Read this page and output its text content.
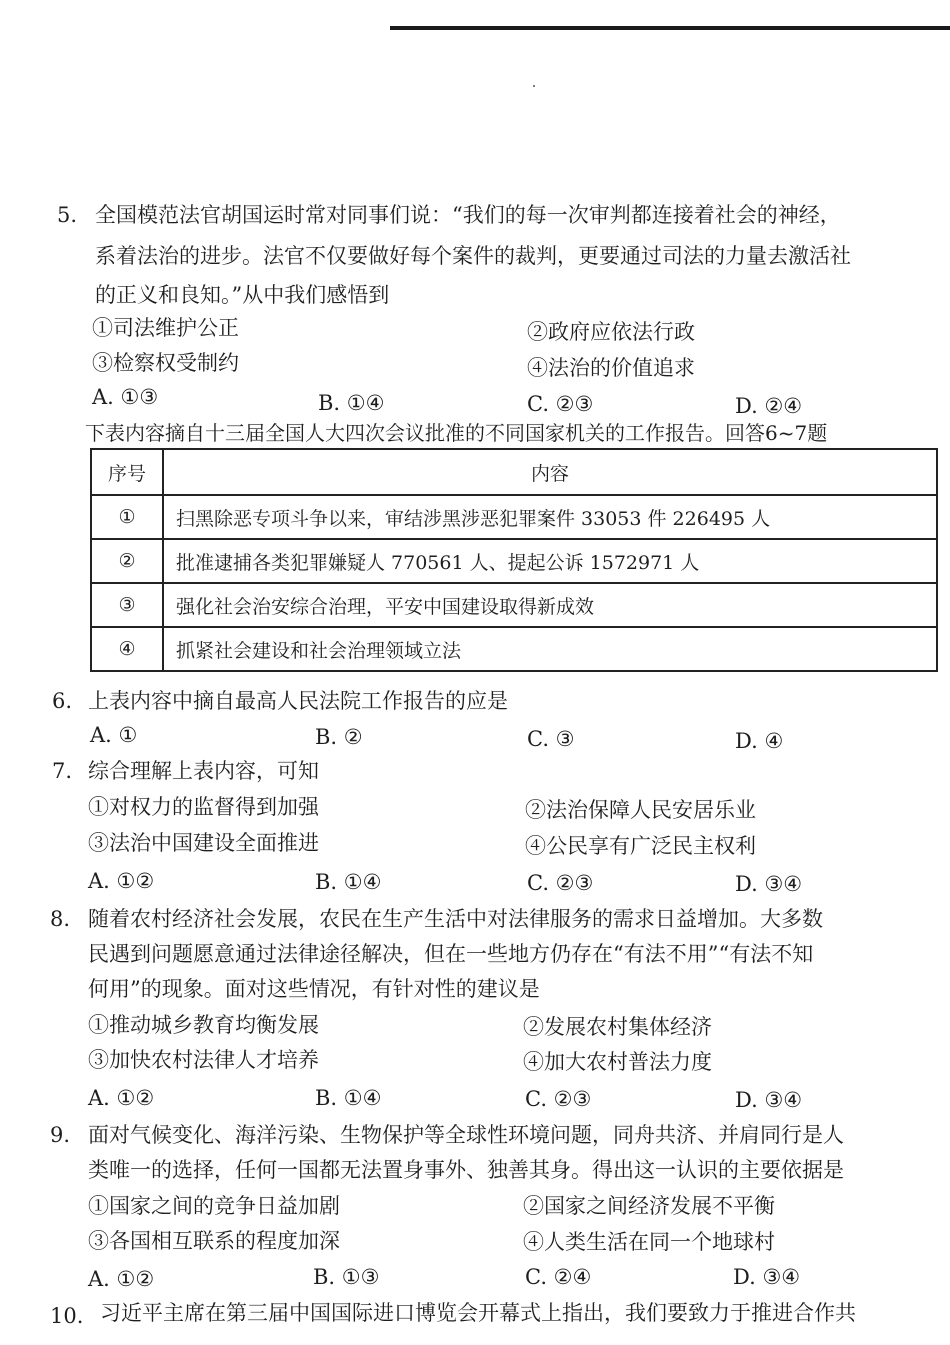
5. 全国模范法官胡国运时常对同事们说：“我们的每一次审判都连接着社会的神经，
系着法治的进步。法官不仅要做好每个案件的裁判，更要通过司法的力量去激活社
的正义和良知。”从中我们感悟到
①司法维护公正	②政府应依法行政
③检察权受制约	④法治的价值追求
A. ①③	B. ①④	C. ②③	D. ②④
下表内容摘自十三届全国人大四次会议批准的不同国家机关的工作报告。回答6~7题
序号	内容
①	扫黑除恶专项斗争以来，审结涉黑涉恶犯罪案件 33053 件 226495 人
②	批准逮捕各类犯罪嫌疑人 770561 人、提起公诉 1572971 人
③	强化社会治安综合治理，平安中国建设取得新成效
④	抓紧社会建设和社会治理领域立法
6. 上表内容中摘自最高人民法院工作报告的应是
A. ①	B. ②	C. ③	D. ④
7. 综合理解上表内容，可知
①对权力的监督得到加强	②法治保障人民安居乐业
③法治中国建设全面推进	④公民享有广泛民主权利
A. ①②	B. ①④	C. ②③	D. ③④
8. 随着农村经济社会发展，农民在生产生活中对法律服务的需求日益增加。大多数
民遇到问题愿意通过法律途径解决，但在一些地方仍存在“有法不用”“有法不知
何用”的现象。面对这些情况，有针对性的建议是
①推动城乡教育均衡发展	②发展农村集体经济
③加快农村法律人才培养	④加大农村普法力度
A. ①②	B. ①④	C. ②③	D. ③④
9. 面对气候变化、海洋污染、生物保护等全球性环境问题，同舟共济、并肩同行是人
类唯一的选择，任何一国都无法置身事外、独善其身。得出这一认识的主要依据是
①国家之间的竞争日益加剧	②国家之间经济发展不平衡
③各国相互联系的程度加深	④人类生活在同一个地球村
A. ①②	B. ①③	C. ②④	D. ③④
10. 习近平主席在第三届中国国际进口博览会开幕式上指出，我们要致力于推进合作共
